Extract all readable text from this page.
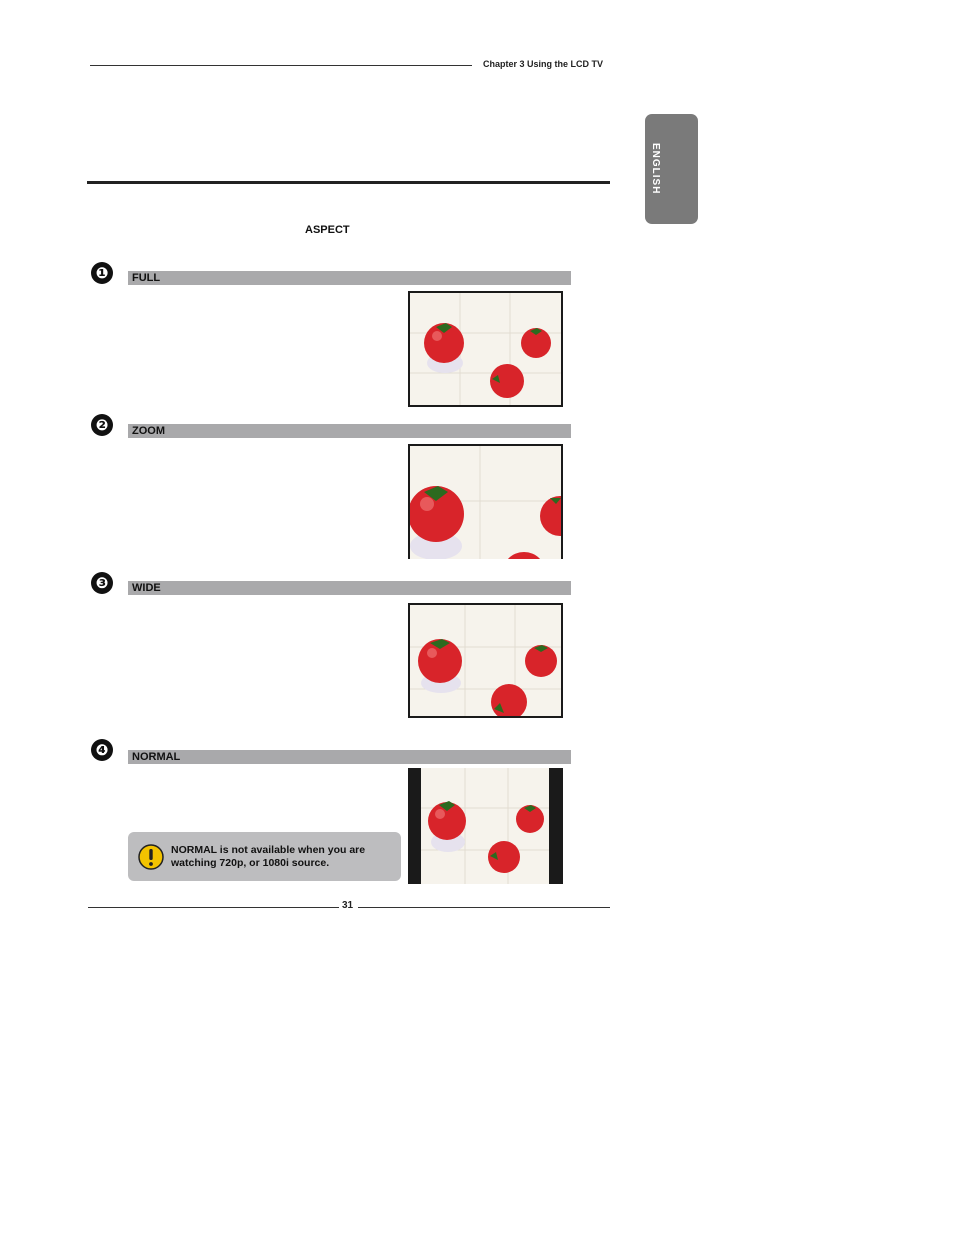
Chapter 3 Using the LCD TV
ENGLISH
ASPECT
❶	FULL
❷	ZOOM
❸	WIDE
❹	NORMAL
NORMAL is not available when you are watching 720p, or 1080i source.
31
